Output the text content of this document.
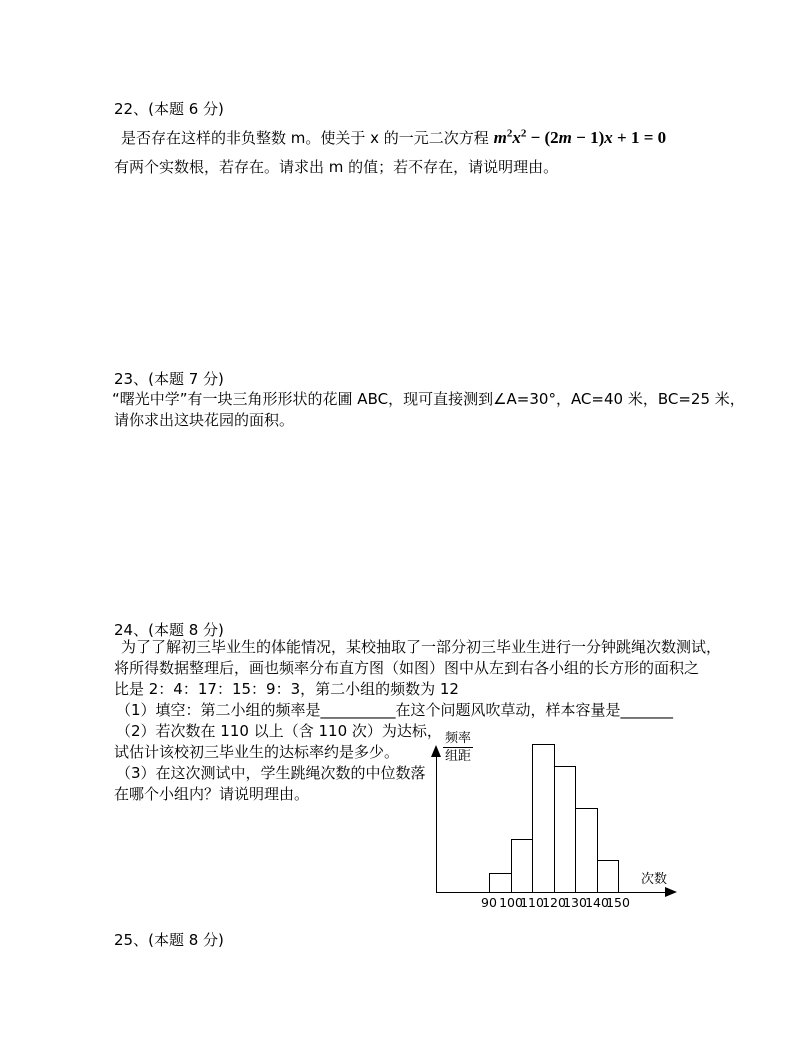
22、(本题 6 分)
是否存在这样的非负整数 m。使关于 x 的一元二次方程 $m^2x^2 - (2m - 1)x + 1 = 0$
有两个实数根，若存在。请求出 m 的值；若不存在，请说明理由。
23、(本题 7 分)
“曙光中学”有一块三角形形状的花圃 ABC，现可直接测到∠A=30°，AC=40 米，BC=25 米，
请你求出这块花园的面积。
24、(本题 8 分)
为了了解初三毕业生的体能情况，某校抽取了一部分初三毕业生进行一分钟跳绳次数测试，
将所得数据整理后，画也频率分布直方图（如图）图中从左到右各小组的长方形的面积之
比是 2：4：17：15：9：3，第二小组的频数为 12
（1）填空：第二小组的频率是__________在这个问题风吹草动，样本容量是_______
（2）若次数在 110 以上（含 110 次）为达标，
试估计该校初三毕业生的达标率约是多少。
（3）在这次测试中，学生跳绳次数的中位数落
在哪个小组内？请说明理由。
频率
组距
次数
90 100
110
120
130
140
150
25、(本题 8 分)
